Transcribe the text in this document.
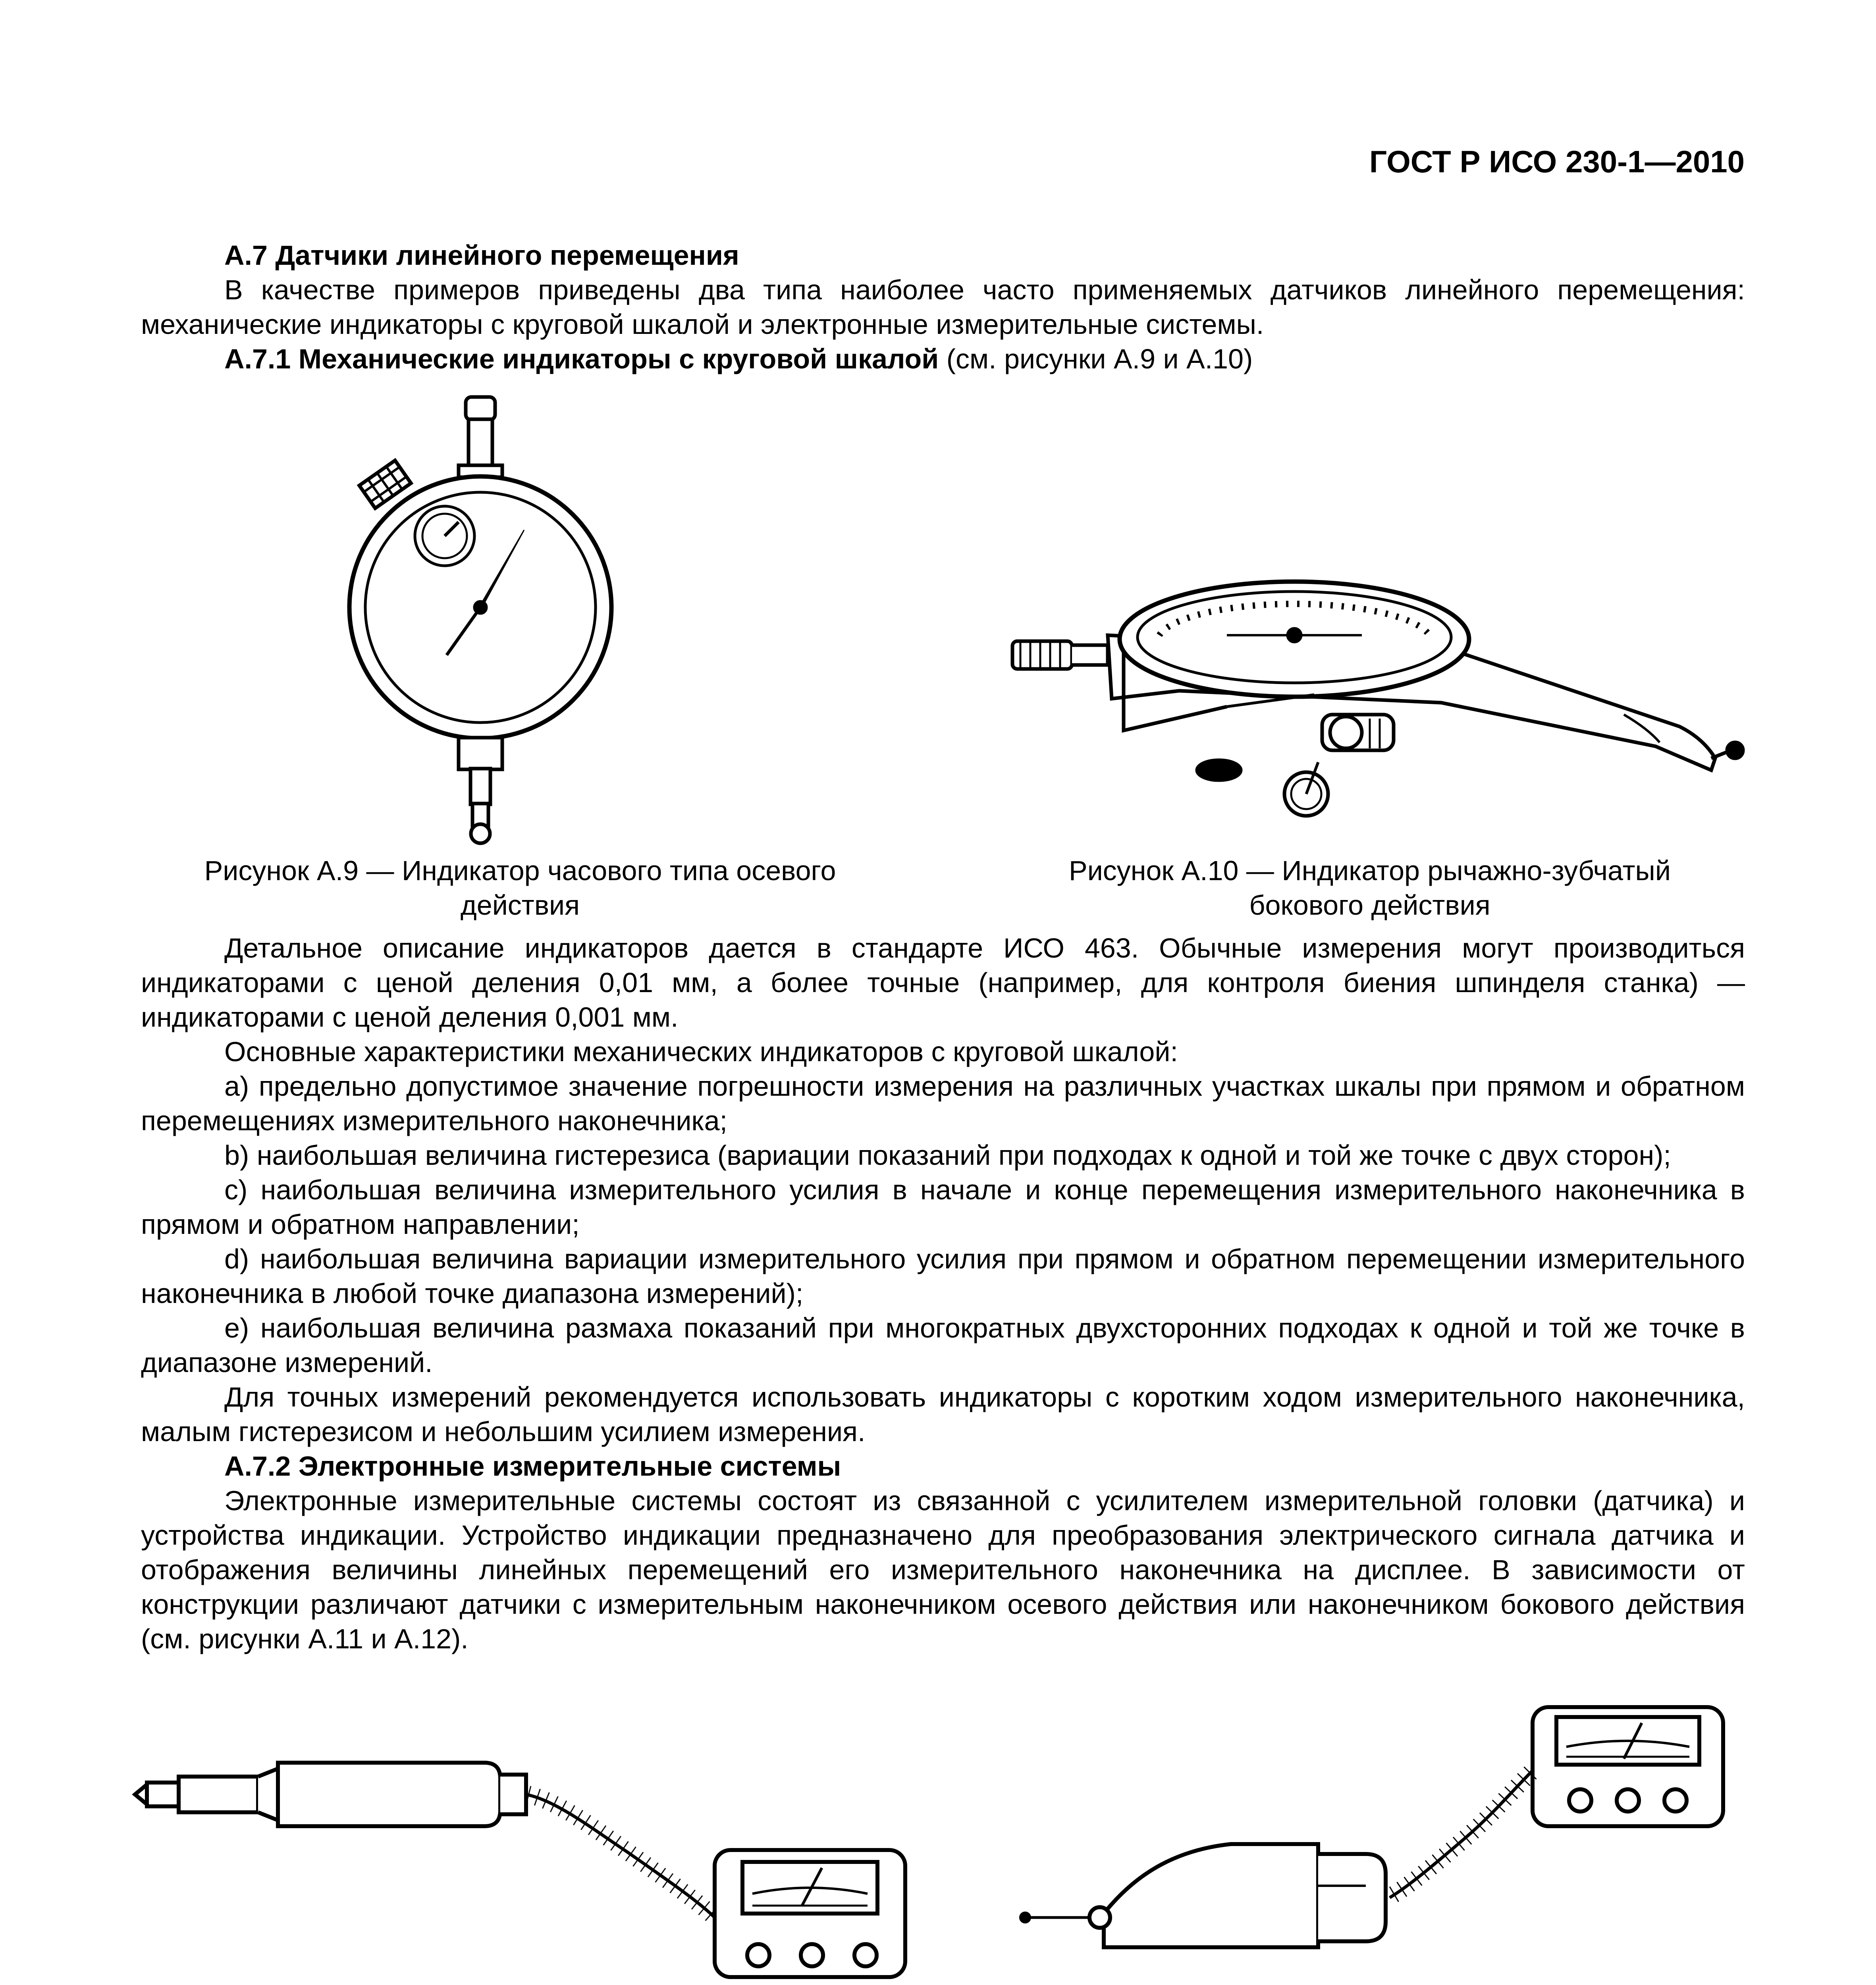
ГОСТ Р ИСО 230-1—2010

А.7 Датчики линейного перемещения

В качестве примеров приведены два типа наиболее часто применяемых датчиков линейного перемещения: механические индикаторы с круговой шкалой и электронные измерительные системы.

А.7.1 Механические индикаторы с круговой шкалой (см. рисунки А.9 и А.10)

Рисунок А.9 — Индикатор часового типа осевого действия
Рисунок А.10 — Индикатор рычажно-зубчатый бокового действия

Детальное описание индикаторов дается в стандарте ИСО 463. Обычные измерения могут производиться индикаторами с ценой деления 0,01 мм, а более точные (например, для контроля биения шпинделя станка) — индикаторами с ценой деления 0,001 мм.

Основные характеристики механических индикаторов с круговой шкалой:

a) предельно допустимое значение погрешности измерения на различных участках шкалы при прямом и обратном перемещениях измерительного наконечника;

b) наибольшая величина гистерезиса (вариации показаний при подходах к одной и той же точке с двух сторон);

c) наибольшая величина измерительного усилия в начале и конце перемещения измерительного наконечника в прямом и обратном направлении;

d) наибольшая величина вариации измерительного усилия при прямом и обратном перемещении измерительного наконечника в любой точке диапазона измерений);

e) наибольшая величина размаха показаний при многократных двухсторонних подходах к одной и той же точке в диапазоне измерений.

Для точных измерений рекомендуется использовать индикаторы с коротким ходом измерительного наконечника, малым гистерезисом и небольшим усилием измерения.

А.7.2 Электронные измерительные системы

Электронные измерительные системы состоят из связанной с усилителем измерительной головки (датчика) и устройства индикации. Устройство индикации предназначено для преобразования электрического сигнала датчика и отображения величины линейных перемещений его измерительного наконечника на дисплее. В зависимости от конструкции различают датчики с измерительным наконечником осевого действия или наконечником бокового действия (см. рисунки А.11 и А.12).
